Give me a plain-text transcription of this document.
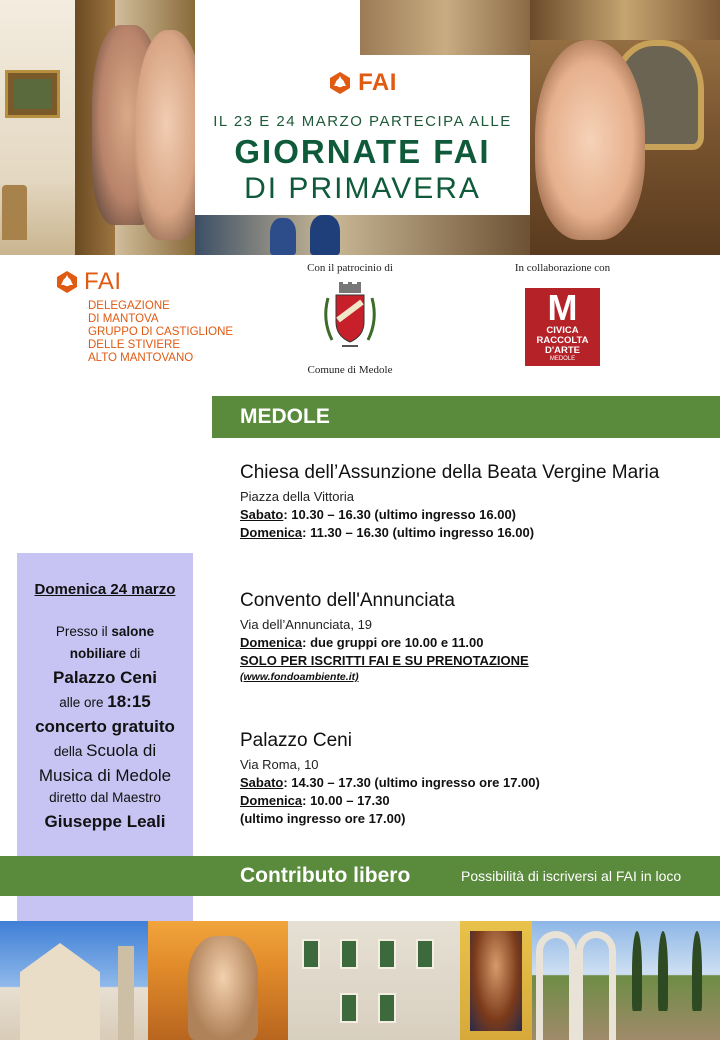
FAI
IL 23 E 24 MARZO PARTECIPA ALLE
GIORNATE FAI
DI PRIMAVERA
FAI
DELEGAZIONE
DI MANTOVA
GRUPPO DI CASTIGLIONE
DELLE STIVIERE
ALTO MANTOVANO
Con il patrocinio di
Comune di Medole
In collaborazione con
M
CIVICA
RACCOLTA
D'ARTE
MEDOLE
MEDOLE
Chiesa dell’Assunzione della Beata Vergine Maria
Piazza della Vittoria
Sabato: 10.30 – 16.30 (ultimo ingresso 16.00)
Domenica: 11.30 – 16.30 (ultimo ingresso 16.00)
Convento dell'Annunciata
Via dell’Annunciata, 19
Domenica: due gruppi ore 10.00 e 11.00
SOLO PER ISCRITTI FAI E SU PRENOTAZIONE
(www.fondoambiente.it)
Palazzo Ceni
Via Roma, 10
Sabato: 14.30 – 17.30 (ultimo ingresso ore 17.00)
Domenica: 10.00 – 17.30
(ultimo ingresso ore 17.00)
Domenica 24 marzo
Presso il salone
nobiliare di
Palazzo Ceni
alle ore 18:15
concerto gratuito
della Scuola di
Musica di Medole
diretto dal Maestro
Giuseppe Leali
Contributo libero	Possibilità di iscriversi al FAI in loco
